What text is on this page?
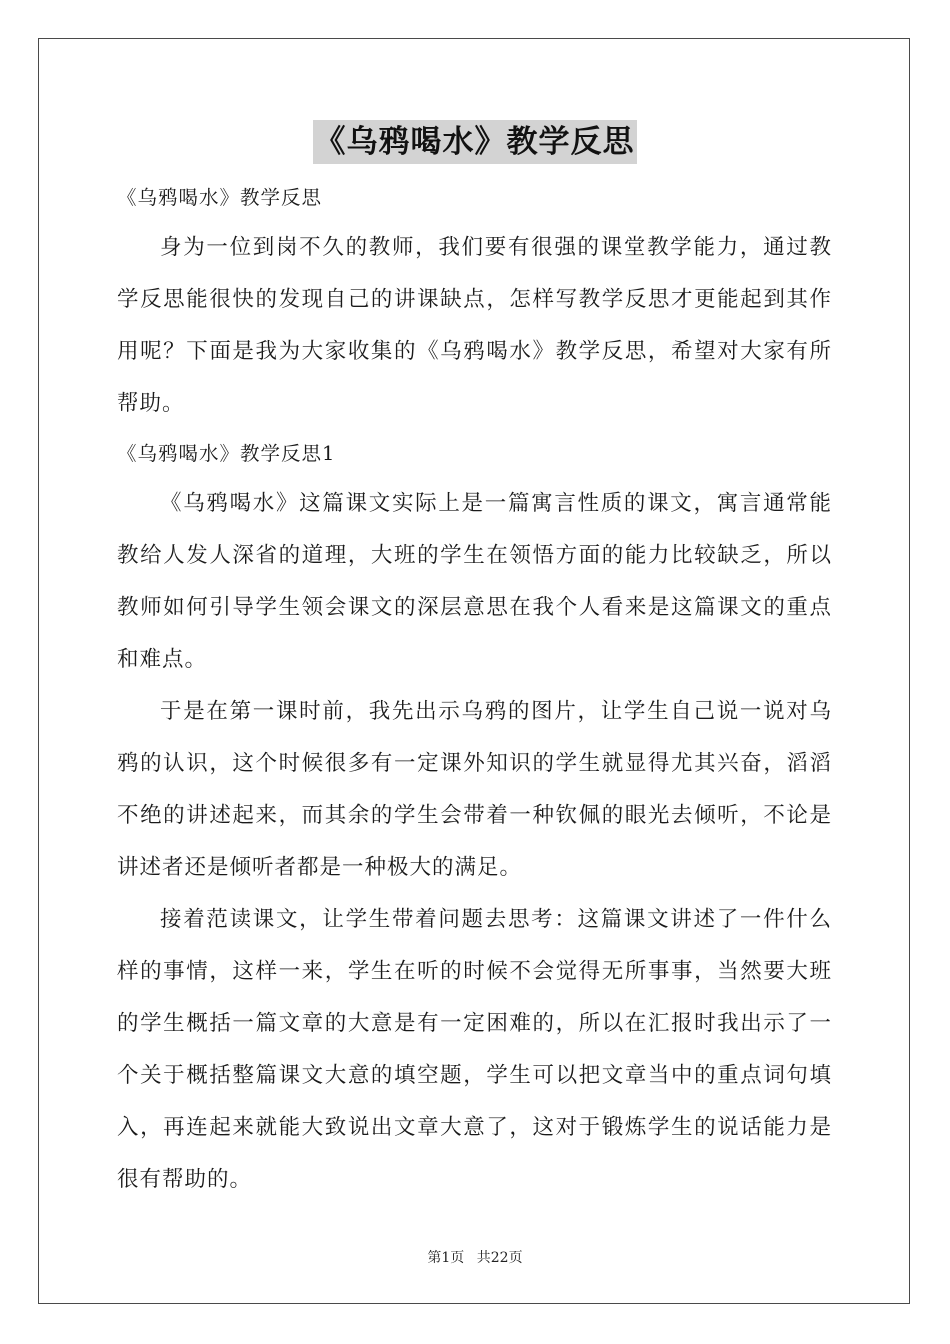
《乌鸦喝水》教学反思

《乌鸦喝水》教学反思

身为一位到岗不久的教师，我们要有很强的课堂教学能力，通过教学反思能很快的发现自己的讲课缺点，怎样写教学反思才更能起到其作用呢？下面是我为大家收集的《乌鸦喝水》教学反思，希望对大家有所帮助。

《乌鸦喝水》教学反思1

《乌鸦喝水》这篇课文实际上是一篇寓言性质的课文，寓言通常能教给人发人深省的道理，大班的学生在领悟方面的能力比较缺乏，所以教师如何引导学生领会课文的深层意思在我个人看来是这篇课文的重点和难点。

于是在第一课时前，我先出示乌鸦的图片，让学生自己说一说对乌鸦的认识，这个时候很多有一定课外知识的学生就显得尤其兴奋，滔滔不绝的讲述起来，而其余的学生会带着一种钦佩的眼光去倾听，不论是讲述者还是倾听者都是一种极大的满足。

接着范读课文，让学生带着问题去思考：这篇课文讲述了一件什么样的事情，这样一来，学生在听的时候不会觉得无所事事，当然要大班的学生概括一篇文章的大意是有一定困难的，所以在汇报时我出示了一个关于概括整篇课文大意的填空题，学生可以把文章当中的重点词句填入，再连起来就能大致说出文章大意了，这对于锻炼学生的说话能力是很有帮助的。

第1页 共22页
